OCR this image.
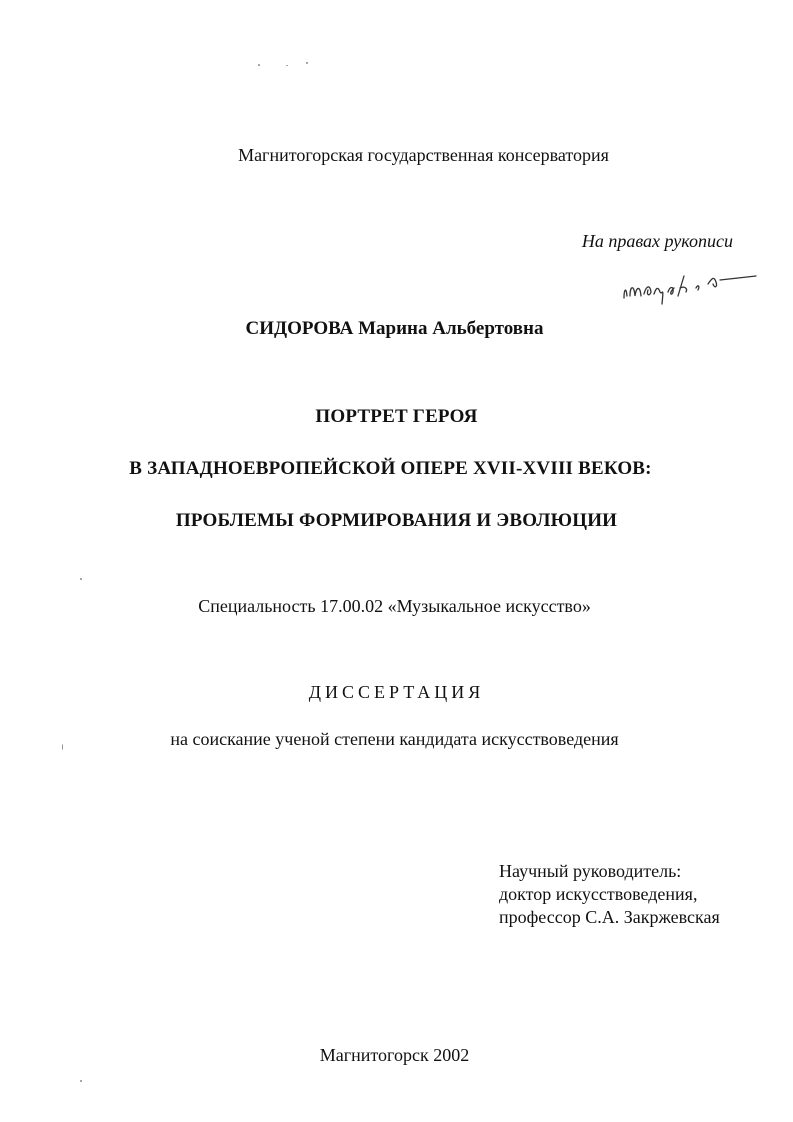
Магнитогорская государственная консерватория
На правах рукописи
СИДОРОВА Марина Альбертовна
ПОРТРЕТ ГЕРОЯ
В ЗАПАДНОЕВРОПЕЙСКОЙ ОПЕРЕ XVII-XVIII ВЕКОВ:
ПРОБЛЕМЫ ФОРМИРОВАНИЯ И ЭВОЛЮЦИИ
Специальность 17.00.02 «Музыкальное искусство»
ДИССЕРТАЦИЯ
на соискание ученой степени кандидата искусствоведения
Научный руководитель:
доктор искусствоведения,
профессор С.А. Закржевская
Магнитогорск 2002
